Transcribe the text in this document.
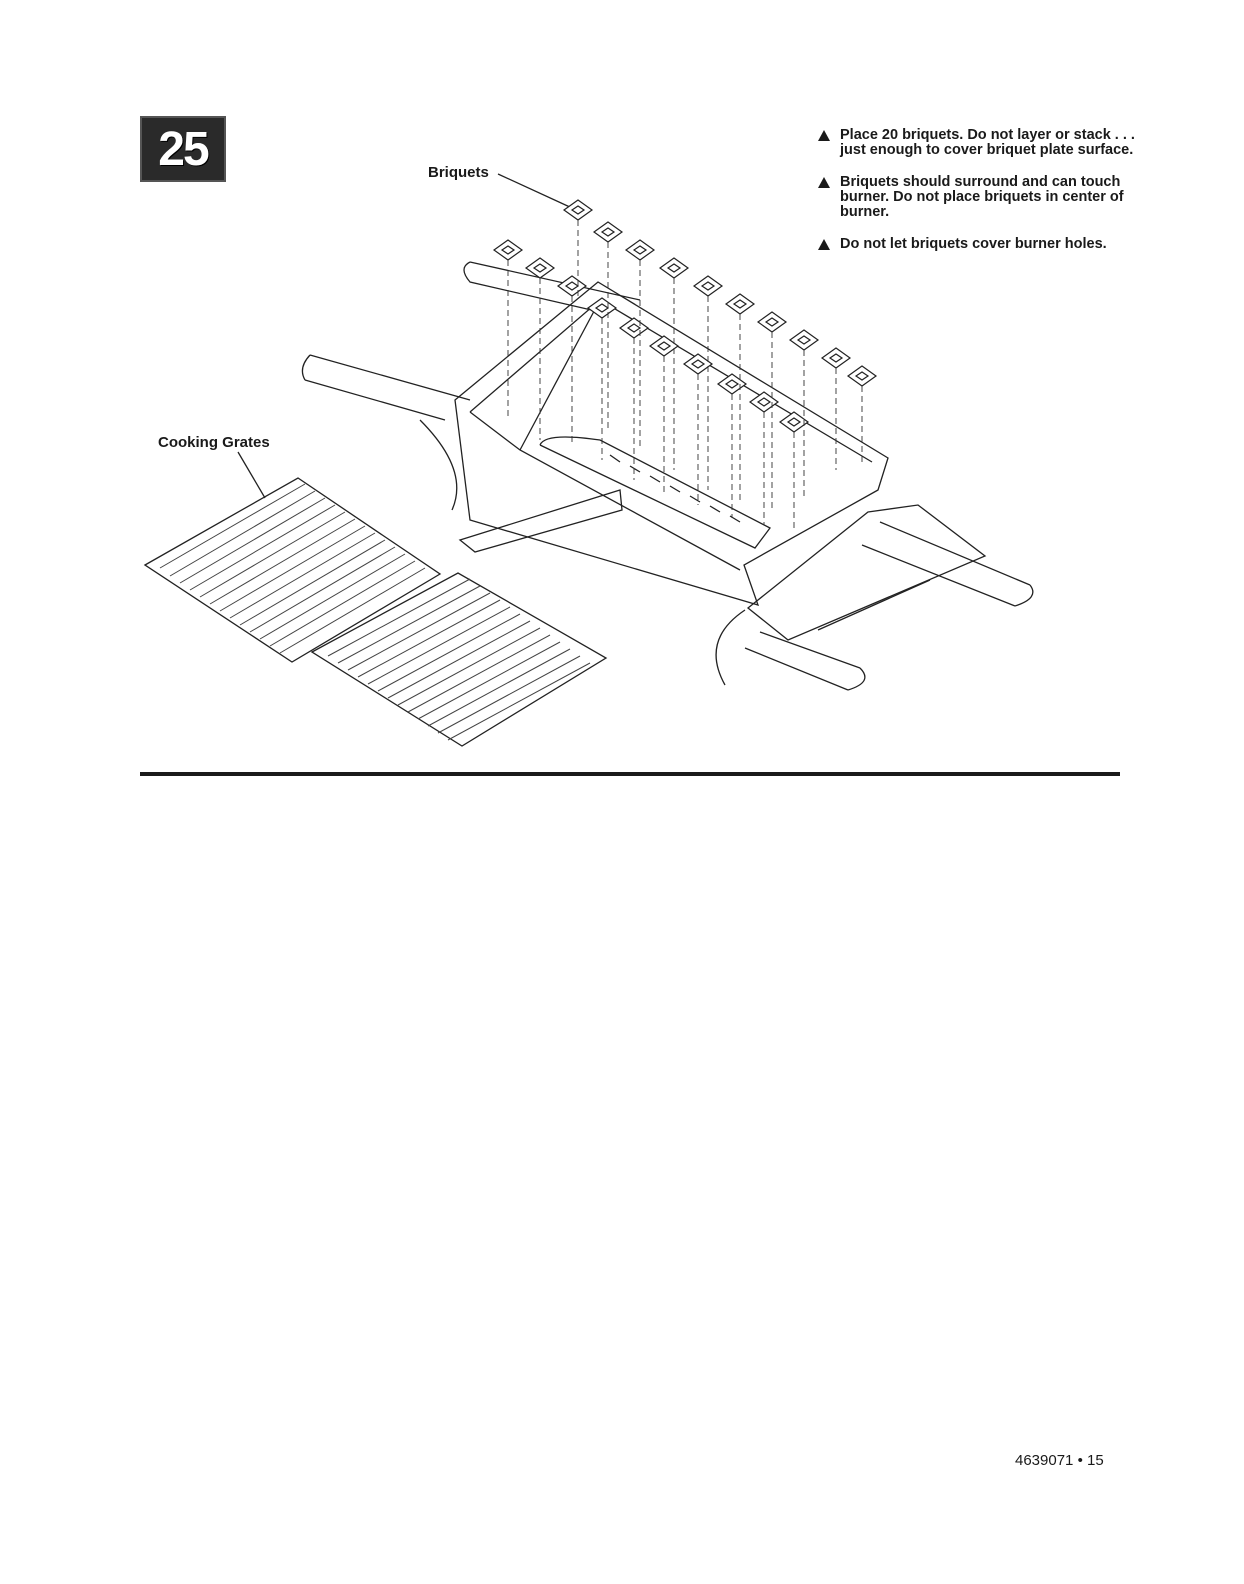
25	Place 20 briquets. Do not layer or stack . . . just enough to cover briquet plate surface.
Briquets should surround and can touch burner. Do not place briquets in center of burner.
Do not let briquets cover burner holes.
Briquets
Cooking Grates
4639071 • 15
